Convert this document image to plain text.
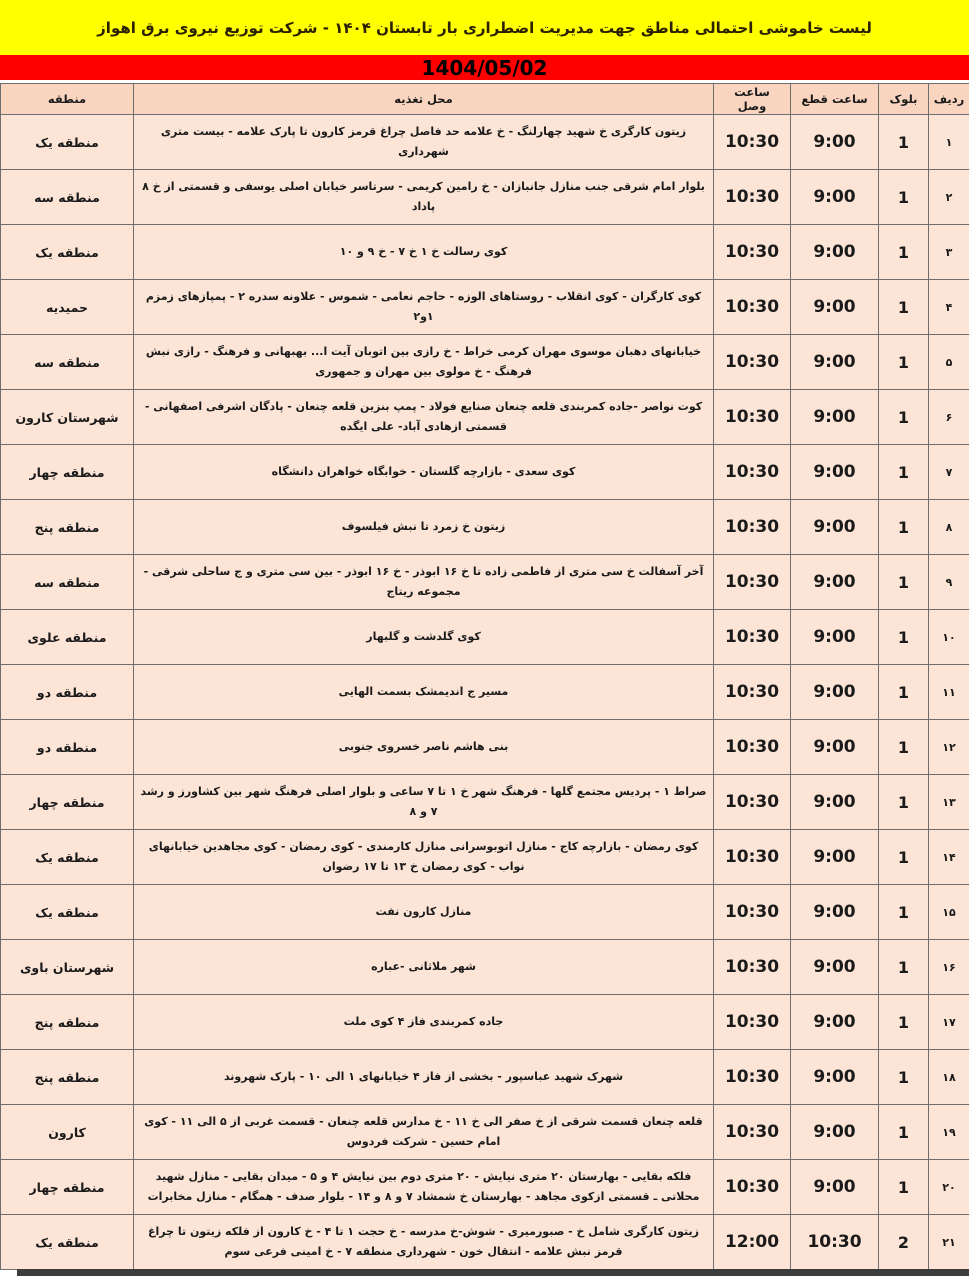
لیست خاموشی احتمالی مناطق جهت مدیریت اضطراری بار تابستان ۱۴۰۴ - شرکت توزیع نیروی برق اهواز
1404/05/02
ردیف	بلوک	ساعت قطع	ساعت وصل	محل تغذیه	منطقه
۱	1	9:00	10:30	زیتون کارگری خ شهید چهارلنگ - خ علامه حد فاصل چراغ قرمز کارون تا پارک علامه - بیست متری شهرداری	منطقه یک
۲	1	9:00	10:30	بلوار امام شرقی جنب منازل جانبازان - خ رامین کریمی - سرتاسر خیابان اصلی یوسفی و قسمتی از خ ۸ پاداد	منطقه سه
۳	1	9:00	10:30	کوی رسالت خ ۱ خ ۷ - خ ۹ و ۱۰	منطقه یک
۴	1	9:00	10:30	کوی کارگران - کوی انقلاب - روستاهای الوزه - حاجم نعامی - شموس - علاونه سدره ۲ - پمپازهای زمزم ۱و۲	حمیدیه
۵	1	9:00	10:30	خیابانهای دهبان موسوی مهران کرمی خراط - خ رازی بین اتوبان آیت ا... بهبهانی و فرهنگ - رازی نبش فرهنگ - خ مولوی بین مهران و جمهوری	منطقه سه
۶	1	9:00	10:30	کوت نواصر -جاده کمربندی قلعه چنعان صنایع فولاد - پمپ بنزین قلعه چنعان - پادگان اشرفی اصفهانی - قسمتی ازهادی آباد- علی ایگده	شهرستان کارون
۷	1	9:00	10:30	کوی سعدی - بازارچه گلستان - خوابگاه خواهران دانشگاه	منطقه چهار
۸	1	9:00	10:30	زیتون خ زمرد تا نبش فیلسوف	منطقه پنج
۹	1	9:00	10:30	آخر آسفالت خ سی متری از فاطمی زاده تا خ ۱۶ ابوذر - خ ۱۶ ابوذر - بین سی متری و ج ساحلی شرقی - مجموعه ریتاج	منطقه سه
۱۰	1	9:00	10:30	کوی گلدشت و گلبهار	منطقه علوی
۱۱	1	9:00	10:30	مسیر ج اندیمشک بسمت الهایی	منطقه دو
۱۲	1	9:00	10:30	بنی هاشم ناصر خسروی جنوبی	منطقه دو
۱۳	1	9:00	10:30	صراط ۱ - پردیس مجتمع گلها - فرهنگ شهر خ ۱ تا ۷ ساعی و بلوار اصلی فرهنگ شهر بین کشاورز و رشد ۷ و ۸	منطقه چهار
۱۴	1	9:00	10:30	کوی رمضان - بازارچه کاج - منازل اتوبوسرانی منازل کارمندی - کوی رمضان - کوی مجاهدین خیابانهای نواب - کوی رمضان خ ۱۳ تا ۱۷ رضوان	منطقه یک
۱۵	1	9:00	10:30	منازل کارون نفت	منطقه یک
۱۶	1	9:00	10:30	شهر ملاثانی -عباره	شهرستان باوی
۱۷	1	9:00	10:30	جاده کمربندی فاز ۴ کوی ملت	منطقه پنج
۱۸	1	9:00	10:30	شهرک شهید عباسپور - بخشی از فاز ۴ خیابانهای ۱ الی ۱۰ - پارک شهروند	منطقه پنج
۱۹	1	9:00	10:30	قلعه چنعان قسمت شرقی از خ صفر الی خ ۱۱ - خ مدارس قلعه چنعان - قسمت غربی از ۵ الی ۱۱ - کوی امام حسین - شرکت فردوس	کارون
۲۰	1	9:00	10:30	فلکه بقایی - بهارستان ۲۰ متری نیایش - ۲۰ متری دوم بین نیایش ۴ و ۵ - میدان بقایی - منازل شهید محلاتی ـ قسمتی ازکوی مجاهد - بهارستان خ شمشاد ۷ و ۸ و ۱۴ - بلوار صدف - همگام - منازل مخابرات	منطقه چهار
۲۱	2	10:30	12:00	زیتون کارگری شامل خ - صبورمیری - شوش-خ مدرسه - خ حجت ۱ تا ۴ - خ کارون از فلکه زیتون تا چراغ قرمز نبش علامه - انتقال خون - شهرداری منطقه ۷ - خ امینی فرعی سوم	منطقه یک
